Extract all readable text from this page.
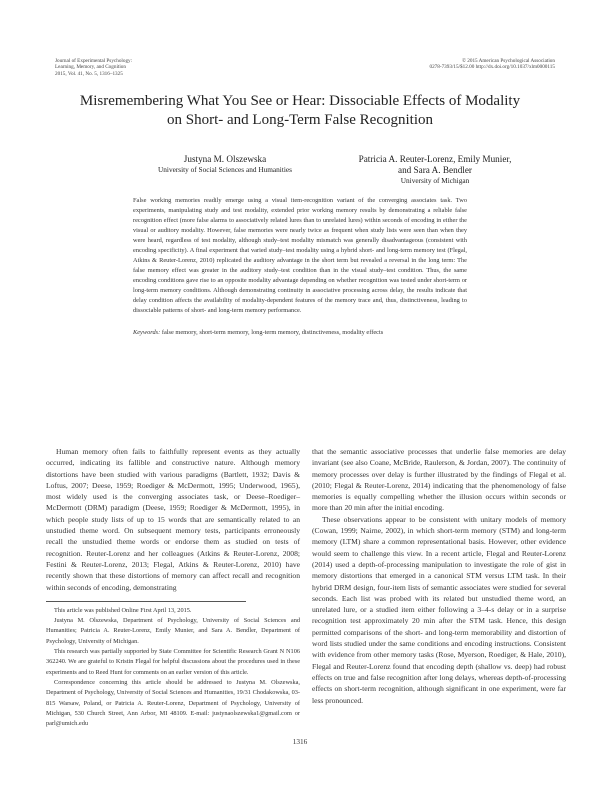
Journal of Experimental Psychology:
Learning, Memory, and Cognition
2015, Vol. 41, No. 5, 1316–1325
© 2015 American Psychological Association
0278-7393/15/$12.00 http://dx.doi.org/10.1037/xlm0000115
Misremembering What You See or Hear: Dissociable Effects of Modality
on Short- and Long-Term False Recognition
Justyna M. Olszewska
University of Social Sciences and Humanities
Patricia A. Reuter-Lorenz, Emily Munier,
and Sara A. Bendler
University of Michigan
False working memories readily emerge using a visual item-recognition variant of the converging associates task. Two experiments, manipulating study and test modality, extended prior working memory results by demonstrating a reliable false recognition effect (more false alarms to associatively related lures than to unrelated lures) within seconds of encoding in either the visual or auditory modality. However, false memories were nearly twice as frequent when study lists were seen than when they were heard, regardless of test modality, although study–test modality mismatch was generally disadvantageous (consistent with encoding specificity). A final experiment that varied study–test modality using a hybrid short- and long-term memory test (Flegal, Atkins & Reuter-Lorenz, 2010) replicated the auditory advantage in the short term but revealed a reversal in the long term: The false memory effect was greater in the auditory study–test condition than in the visual study–test condition. Thus, the same encoding conditions gave rise to an opposite modality advantage depending on whether recognition was tested under short-term or long-term memory conditions. Although demonstrating continuity in associative processing across delay, the results indicate that delay condition affects the availability of modality-dependent features of the memory trace and, thus, distinctiveness, leading to dissociable patterns of short- and long-term memory performance.
Keywords: false memory, short-term memory, long-term memory, distinctiveness, modality effects

Human memory often fails to faithfully represent events as they actually occurred, indicating its fallible and constructive nature. Although memory distortions have been studied with various paradigms (Bartlett, 1932; Davis & Loftus, 2007; Deese, 1959; Roediger & McDermott, 1995; Underwood, 1965), most widely used is the converging associates task, or Deese–Roediger–McDermott (DRM) paradigm (Deese, 1959; Roediger & McDermott, 1995), in which people study lists of up to 15 words that are semantically related to an unstudied theme word. On subsequent memory tests, participants erroneously recall the unstudied theme words or endorse them as studied on tests of recognition. Reuter-Lorenz and her colleagues (Atkins & Reuter-Lorenz, 2008; Festini & Reuter-Lorenz, 2013; Flegal, Atkins & Reuter-Lorenz, 2010) have recently shown that these distortions of memory can affect recall and recognition within seconds of encoding, demonstrating

This article was published Online First April 13, 2015.

Justyna M. Olszewska, Department of Psychology, University of Social Sciences and Humanities; Patricia A. Reuter-Lorenz, Emily Munier, and Sara A. Bendler, Department of Psychology, University of Michigan.

This research was partially supported by State Committee for Scientific Research Grant N N106 362240. We are grateful to Kristin Flegal for helpful discussions about the procedures used in these experiments and to Reed Hunt for comments on an earlier version of this article.

Correspondence concerning this article should be addressed to Justyna M. Olszewska, Department of Psychology, University of Social Sciences and Humanities, 19/31 Chodakowska, 03-815 Warsaw, Poland, or Patricia A. Reuter-Lorenz, Department of Psychology, University of Michigan, 530 Church Street, Ann Arbor, MI 48109. E-mail: justynaolszewska1@gmail.com or parl@umich.edu

that the semantic associative processes that underlie false memories are delay invariant (see also Coane, McBride, Raulerson, & Jordan, 2007). The continuity of memory processes over delay is further illustrated by the findings of Flegal et al. (2010; Flegal & Reuter-Lorenz, 2014) indicating that the phenomenology of false memories is equally compelling whether the illusion occurs within seconds or more than 20 min after the initial encoding.

These observations appear to be consistent with unitary models of memory (Cowan, 1999; Nairne, 2002), in which short-term memory (STM) and long-term memory (LTM) share a common representational basis. However, other evidence would seem to challenge this view. In a recent article, Flegal and Reuter-Lorenz (2014) used a depth-of-processing manipulation to investigate the role of gist in memory distortions that emerged in a canonical STM versus LTM task. In their hybrid DRM design, four-item lists of semantic associates were studied for several seconds. Each list was probed with its related but unstudied theme word, an unrelated lure, or a studied item either following a 3–4-s delay or in a surprise recognition test approximately 20 min after the STM task. Hence, this design permitted comparisons of the short- and long-term memorability and distortion of word lists studied under the same conditions and encoding instructions. Consistent with evidence from other memory tasks (Rose, Myerson, Roediger, & Hale, 2010), Flegal and Reuter-Lorenz found that encoding depth (shallow vs. deep) had robust effects on true and false recognition after long delays, whereas depth-of-processing effects on short-term recognition, although significant in one experiment, were far less pronounced.

1316
